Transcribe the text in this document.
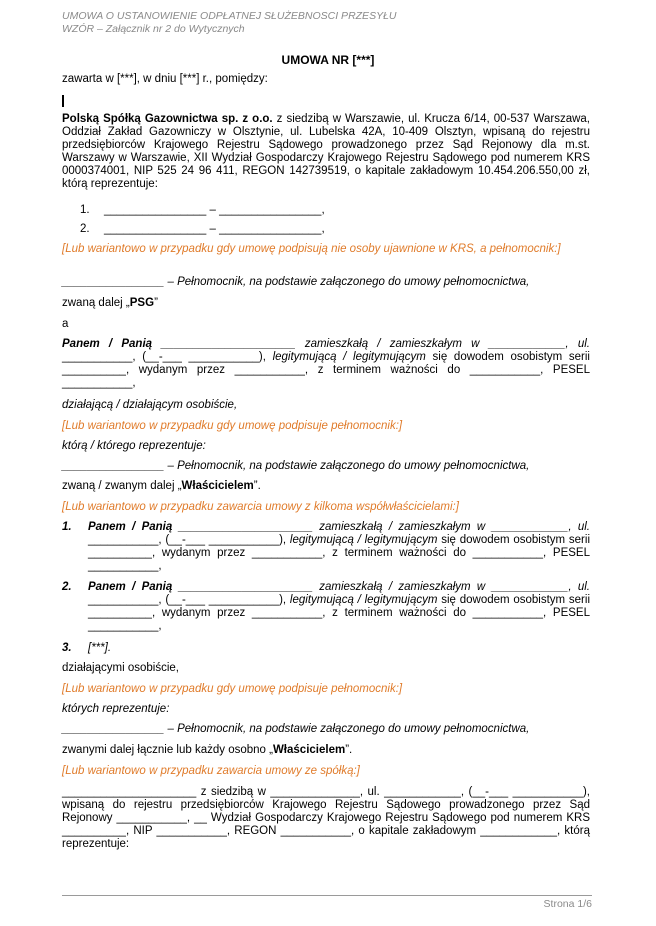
UMOWA O USTANOWIENIE ODPŁATNEJ SŁUŻEBNOSCI PRZESYŁU
WZÓR – Załącznik nr 2 do Wytycznych
UMOWA NR [***]
zawarta w [***], w dniu [***] r., pomiędzy:
Polską Spółką Gazownictwa sp. z o.o. z siedzibą w Warszawie, ul. Krucza 6/14, 00-537 Warszawa,
Oddział Zakład Gazowniczy w Olsztynie, ul. Lubelska 42A, 10-409 Olsztyn, wpisaną do rejestru
przedsiębiorców Krajowego Rejestru Sądowego prowadzonego przez Sąd Rejonowy dla m.st.
Warszawy w Warszawie, XII Wydział Gospodarczy Krajowego Rejestru Sądowego pod numerem KRS
0000374001, NIP 525 24 96 411, REGON 142739519, o kapitale zakładowym 10.454.206.550,00 zł,
którą reprezentuje:
1. ________________ – ________________,
2. ________________ – ________________,
[Lub wariantowo w przypadku gdy umowę podpisują nie osoby ujawnione w KRS, a pełnomocnik:]
________________ – Pełnomocnik, na podstawie załączonego do umowy pełnomocnictwa,
zwaną dalej „PSG”
a
Panem / Panią _____________________ zamieszkałą / zamieszkałym w ____________, ul.
___________, (__-___ ___________), legitymującą / legitymującym się dowodem osobistym serii
__________, wydanym przez ___________, z terminem ważności do ___________, PESEL
___________,
działającą / działającym osobiście,
[Lub wariantowo w przypadku gdy umowę podpisuje pełnomocnik:]
którą / którego reprezentuje:
________________ – Pełnomocnik, na podstawie załączonego do umowy pełnomocnictwa,
zwaną / zwanym dalej „Właścicielem”.
[Lub wariantowo w przypadku zawarcia umowy z kilkoma współwłaścicielami:]
1. Panem / Panią _____________________ zamieszkałą / zamieszkałym w ____________, ul.
___________, (__-___ ___________), legitymującą / legitymującym się dowodem osobistym serii
__________, wydanym przez ___________, z terminem ważności do ___________, PESEL
___________,
2. Panem / Panią _____________________ zamieszkałą / zamieszkałym w ____________, ul.
___________, (__-___ ___________), legitymującą / legitymującym się dowodem osobistym serii
__________, wydanym przez ___________, z terminem ważności do ___________, PESEL
___________,
3. [***].
działającymi osobiście,
[Lub wariantowo w przypadku gdy umowę podpisuje pełnomocnik:]
których reprezentuje:
________________ – Pełnomocnik, na podstawie załączonego do umowy pełnomocnictwa,
zwanymi dalej łącznie lub każdy osobno „Właścicielem”.
[Lub wariantowo w przypadku zawarcia umowy ze spółką:]
_____________________ z siedzibą w ______________, ul. ____________, (__-___ ___________),
wpisaną do rejestru przedsiębiorców Krajowego Rejestru Sądowego prowadzonego przez Sąd
Rejonowy ___________, __ Wydział Gospodarczy Krajowego Rejestru Sądowego pod numerem KRS
__________, NIP ___________, REGON ___________, o kapitale zakładowym ____________, którą
reprezentuje:
Strona 1/6
